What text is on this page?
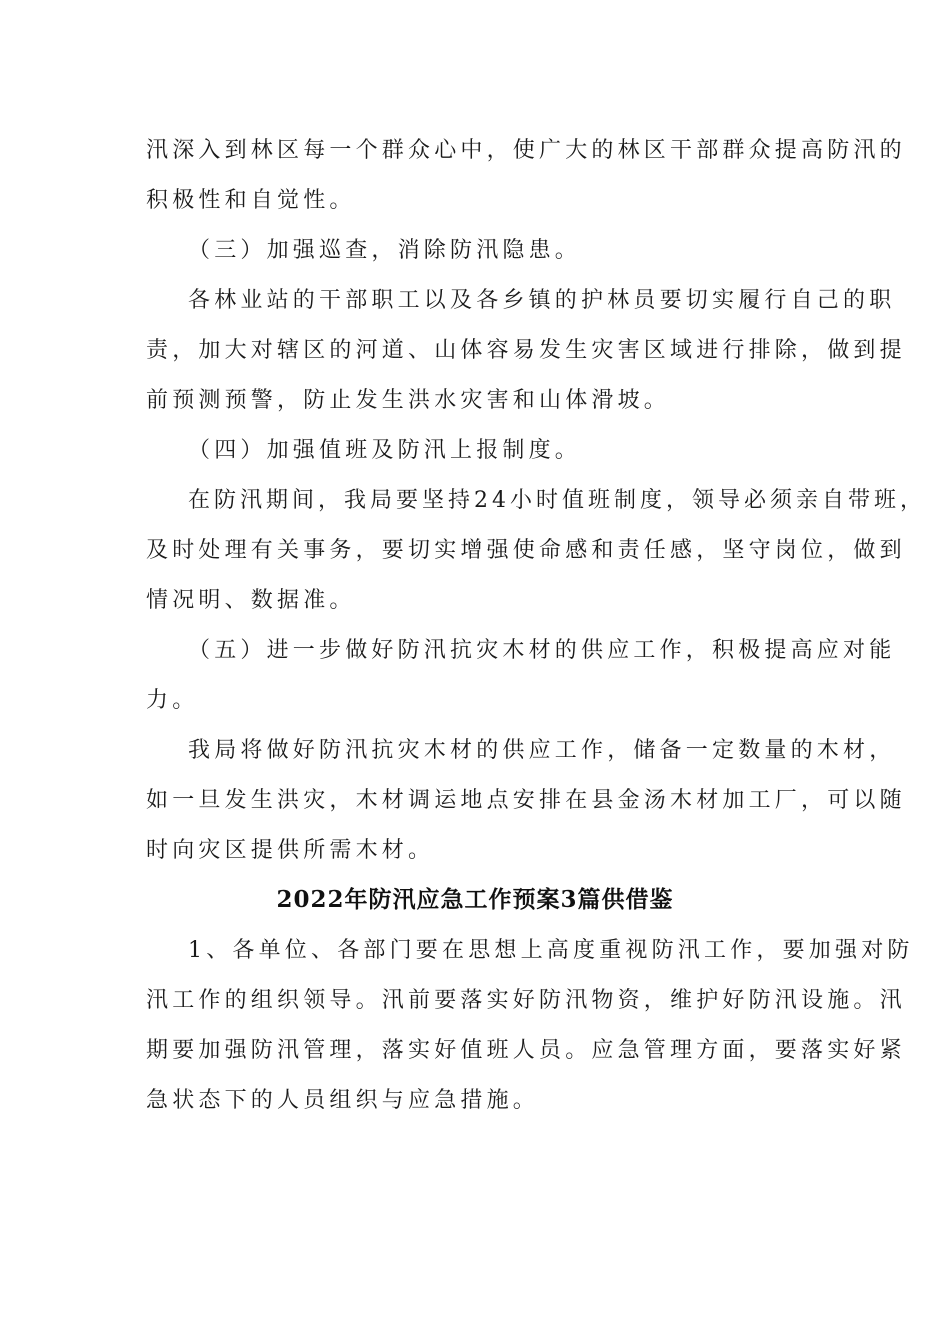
汛深入到林区每一个群众心中，使广大的林区干部群众提高防汛的
积极性和自觉性。
（三）加强巡查，消除防汛隐患。
各林业站的干部职工以及各乡镇的护林员要切实履行自己的职
责，加大对辖区的河道、山体容易发生灾害区域进行排除，做到提
前预测预警，防止发生洪水灾害和山体滑坡。
（四）加强值班及防汛上报制度。
在防汛期间，我局要坚持24小时值班制度，领导必须亲自带班，
及时处理有关事务，要切实增强使命感和责任感，坚守岗位，做到
情况明、数据准。
（五）进一步做好防汛抗灾木材的供应工作，积极提高应对能
力。
我局将做好防汛抗灾木材的供应工作，储备一定数量的木材，
如一旦发生洪灾，木材调运地点安排在县金汤木材加工厂，可以随
时向灾区提供所需木材。
2022年防汛应急工作预案3篇供借鉴
1、各单位、各部门要在思想上高度重视防汛工作，要加强对防
汛工作的组织领导。汛前要落实好防汛物资，维护好防汛设施。汛
期要加强防汛管理，落实好值班人员。应急管理方面，要落实好紧
急状态下的人员组织与应急措施。
